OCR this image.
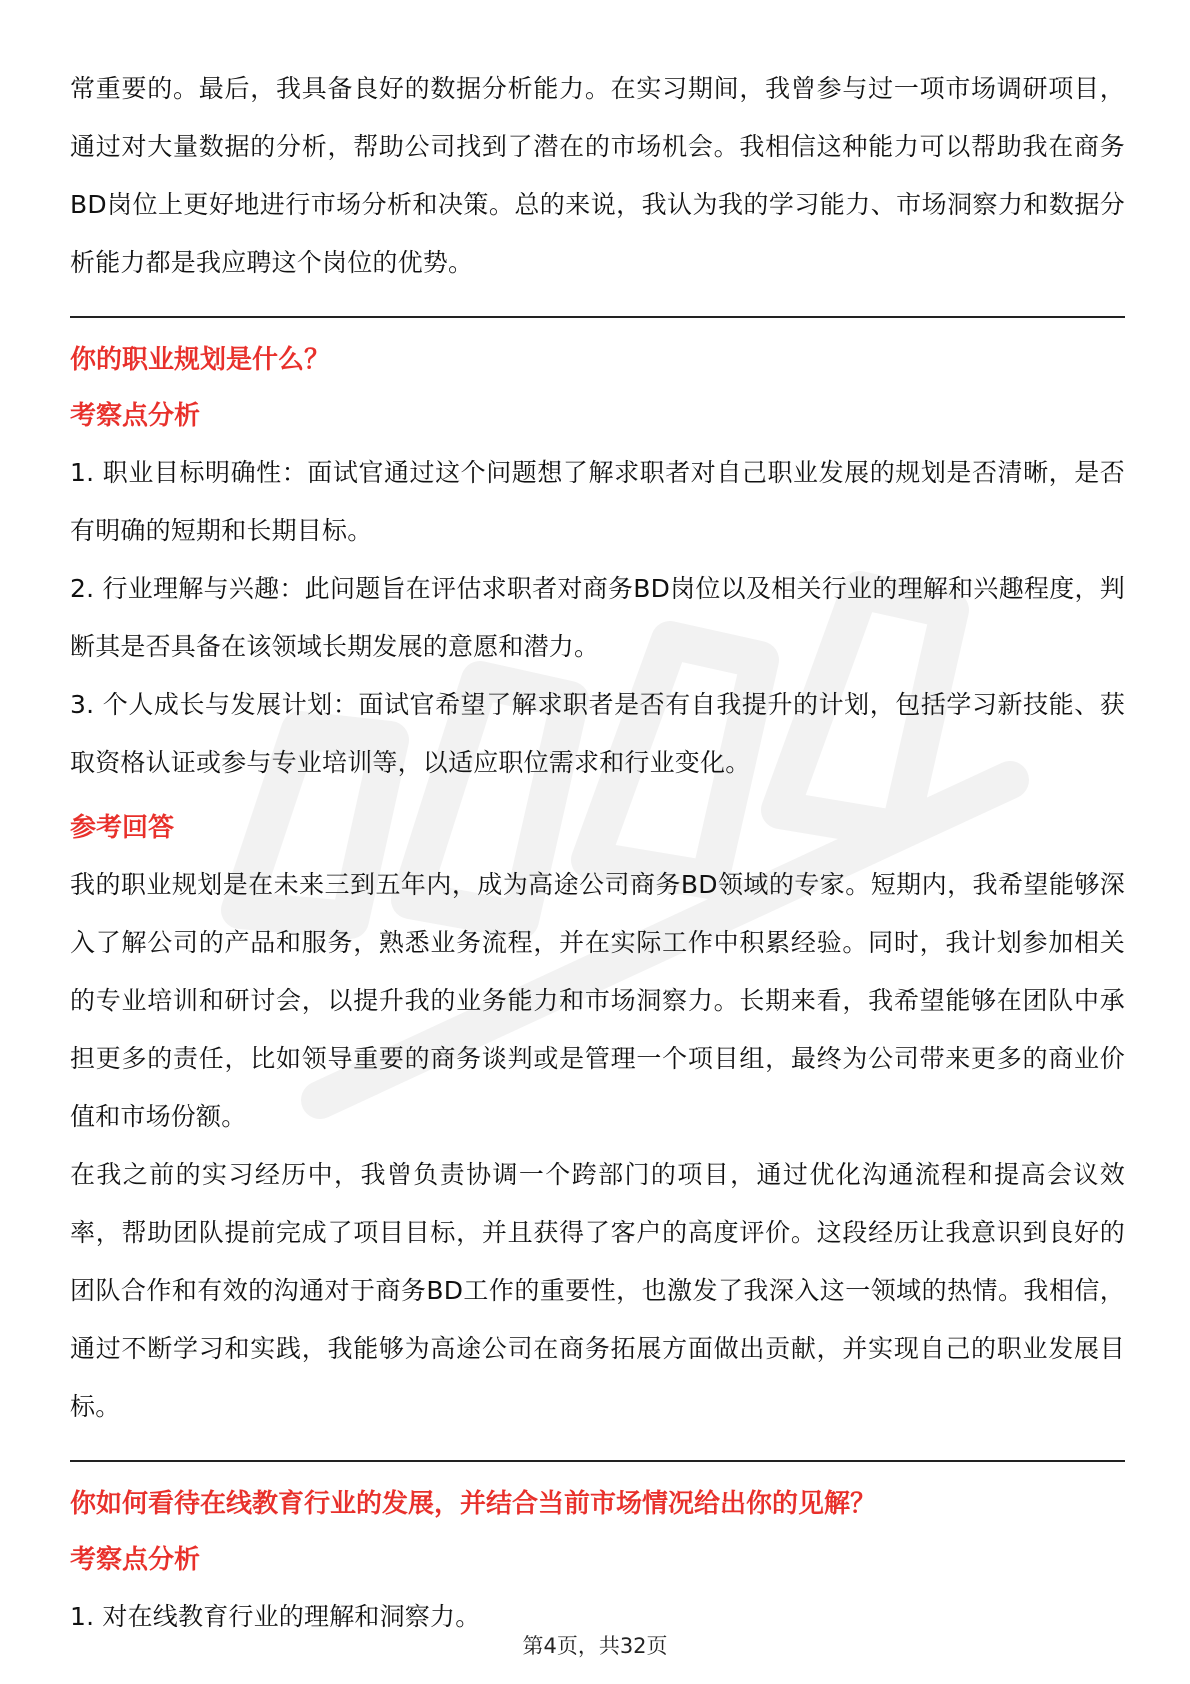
常重要的。最后，我具备良好的数据分析能力。在实习期间，我曾参与过一项市场调研项目，通过对大量数据的分析，帮助公司找到了潜在的市场机会。我相信这种能力可以帮助我在商务BD岗位上更好地进行市场分析和决策。总的来说，我认为我的学习能力、市场洞察力和数据分析能力都是我应聘这个岗位的优势。

你的职业规划是什么？

考察点分析

1. 职业目标明确性：面试官通过这个问题想了解求职者对自己职业发展的规划是否清晰，是否有明确的短期和长期目标。

2. 行业理解与兴趣：此问题旨在评估求职者对商务BD岗位以及相关行业的理解和兴趣程度，判断其是否具备在该领域长期发展的意愿和潜力。

3. 个人成长与发展计划：面试官希望了解求职者是否有自我提升的计划，包括学习新技能、获取资格认证或参与专业培训等，以适应职位需求和行业变化。

参考回答

我的职业规划是在未来三到五年内，成为高途公司商务BD领域的专家。短期内，我希望能够深入了解公司的产品和服务，熟悉业务流程，并在实际工作中积累经验。同时，我计划参加相关的专业培训和研讨会，以提升我的业务能力和市场洞察力。长期来看，我希望能够在团队中承担更多的责任，比如领导重要的商务谈判或是管理一个项目组，最终为公司带来更多的商业价值和市场份额。

在我之前的实习经历中，我曾负责协调一个跨部门的项目，通过优化沟通流程和提高会议效率，帮助团队提前完成了项目目标，并且获得了客户的高度评价。这段经历让我意识到良好的团队合作和有效的沟通对于商务BD工作的重要性，也激发了我深入这一领域的热情。我相信，通过不断学习和实践，我能够为高途公司在商务拓展方面做出贡献，并实现自己的职业发展目标。

你如何看待在线教育行业的发展，并结合当前市场情况给出你的见解？

考察点分析

1. 对在线教育行业的理解和洞察力。

第4页，共32页
